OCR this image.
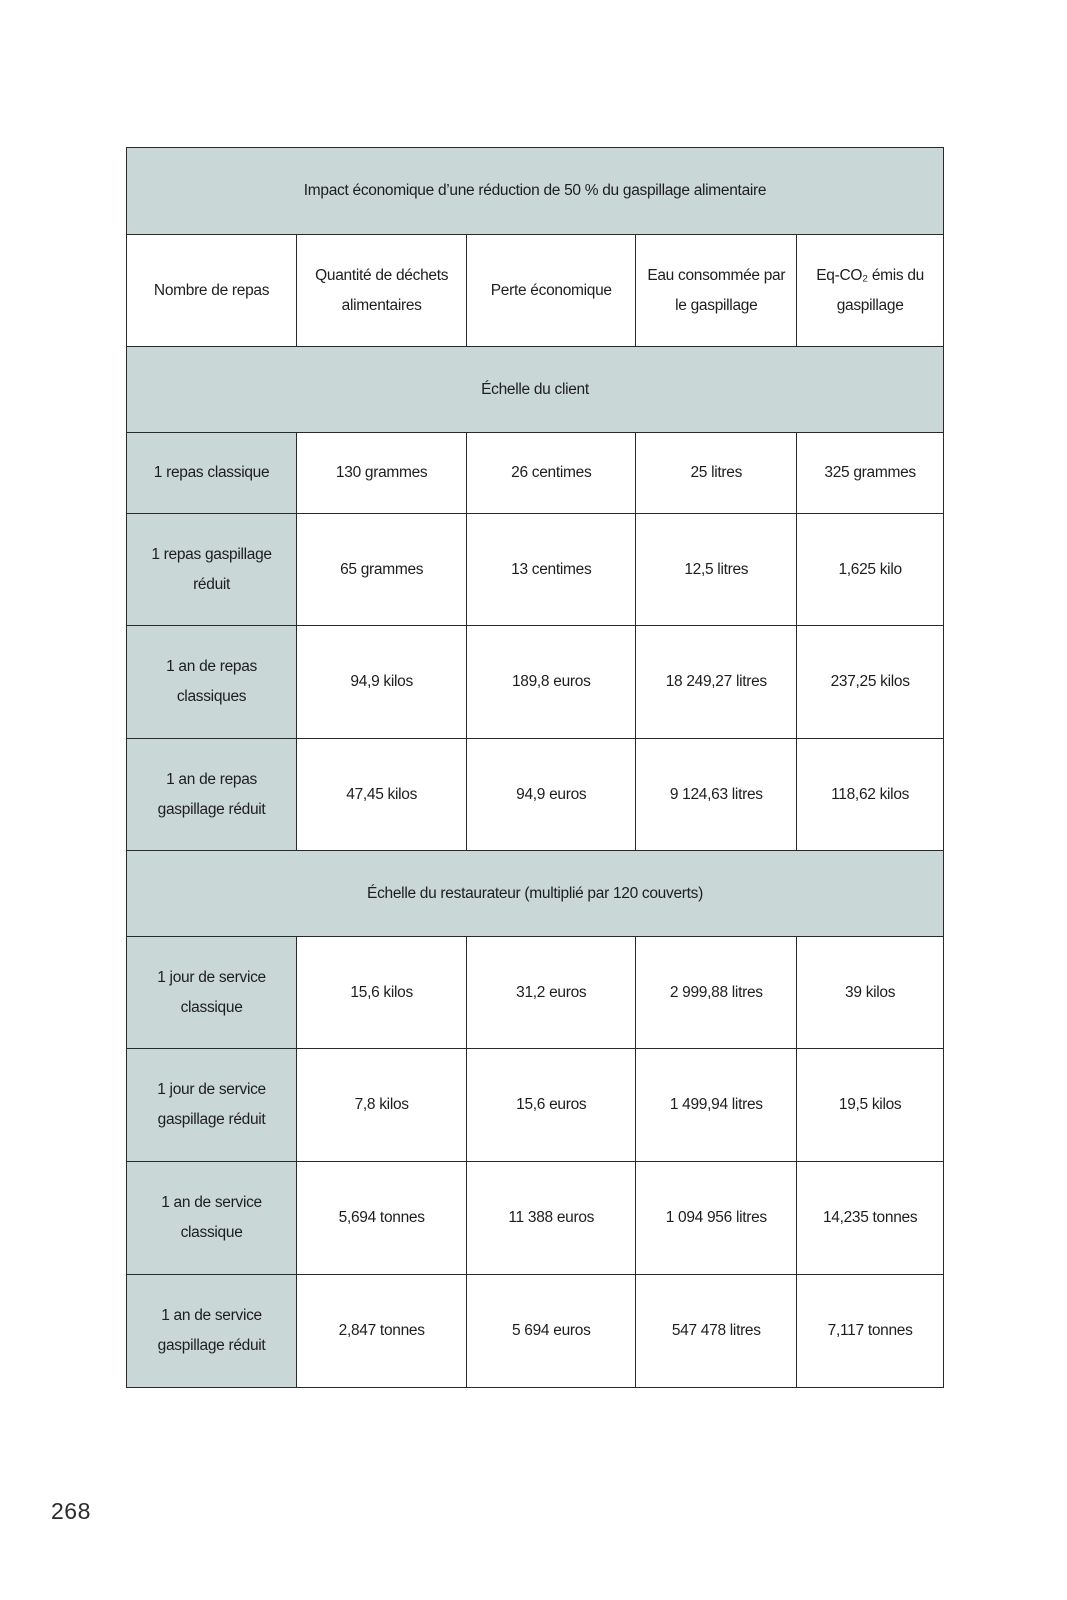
Impact économique d’une réduction de 50 % du gaspillage alimentaire				
Nombre de repas	Quantité de déchets alimentaires	Perte économique	Eau consommée par le gaspillage	Eq-CO₂ émis du gaspillage
Échelle du client				
1 repas classique	130 grammes	26 centimes	25 litres	325 grammes
1 repas gaspillage réduit	65 grammes	13 centimes	12,5 litres	1,625 kilo
1 an de repas classiques	94,9 kilos	189,8 euros	18 249,27 litres	237,25 kilos
1 an de repas gaspillage réduit	47,45 kilos	94,9 euros	9 124,63 litres	118,62 kilos
Échelle du restaurateur (multiplié par 120 couverts)				
1 jour de service classique	15,6 kilos	31,2 euros	2 999,88 litres	39 kilos
1 jour de service gaspillage réduit	7,8 kilos	15,6 euros	1 499,94 litres	19,5 kilos
1 an de service classique	5,694 tonnes	11 388 euros	1 094 956 litres	14,235 tonnes
1 an de service gaspillage réduit	2,847 tonnes	5 694 euros	547 478 litres	7,117 tonnes
268
